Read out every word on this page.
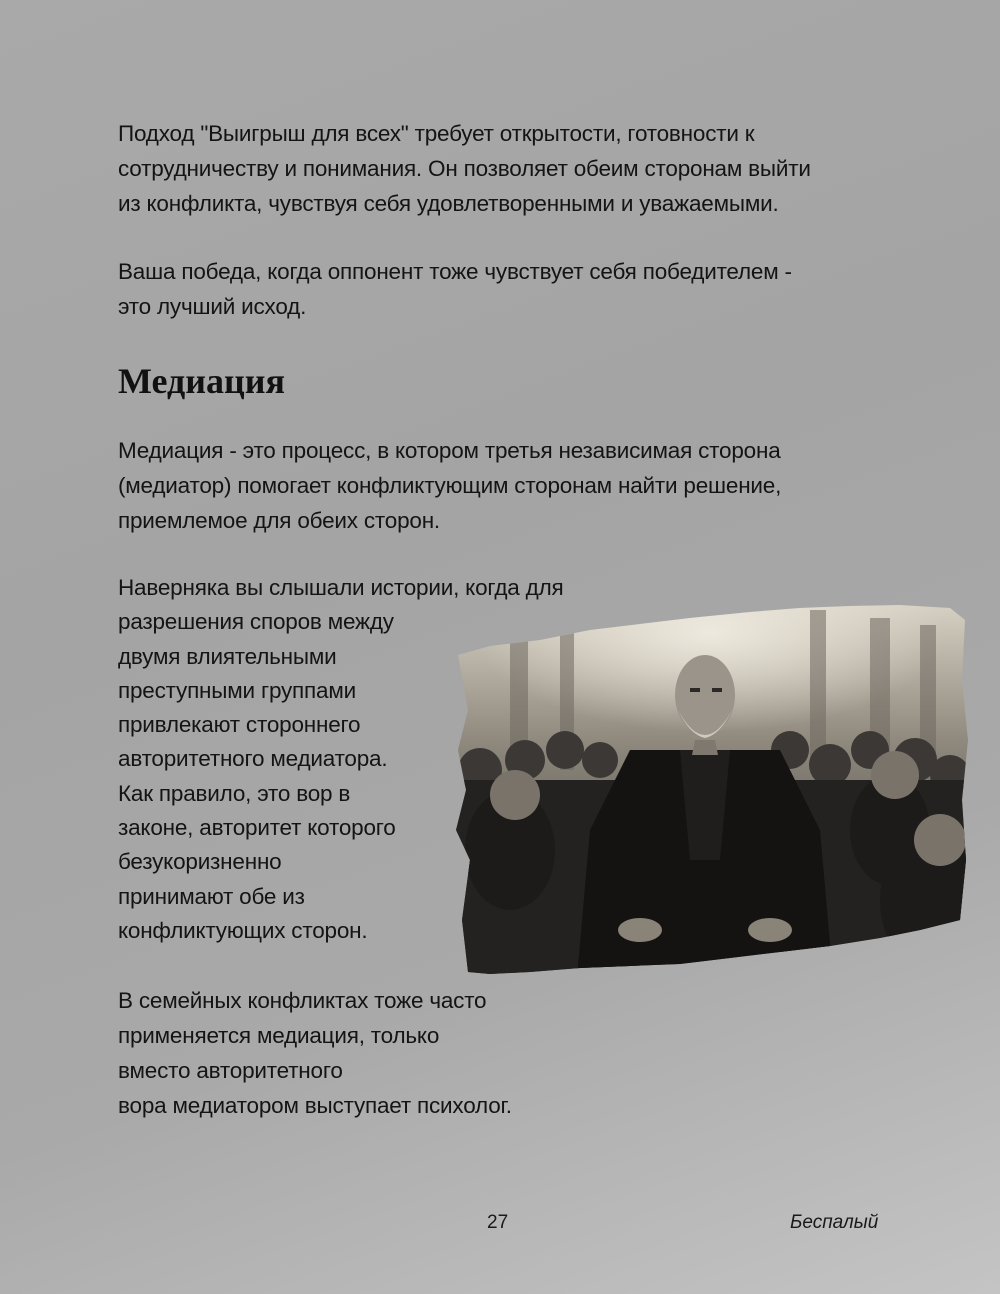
Подход "Выигрыш для всех" требует открытости, готовности к
сотрудничеству и понимания. Он позволяет обеим сторонам выйти
из конфликта, чувствуя себя удовлетворенными и уважаемыми.

Ваша победа, когда оппонент тоже чувствует себя победителем -
это лучший исход.

Медиация

Медиация - это процесс, в котором третья независимая сторона
(медиатор) помогает конфликтующим сторонам найти решение,
приемлемое для обеих сторон.

Наверняка вы слышали истории, когда для
разрешения споров между
двумя влиятельными
преступными группами
привлекают стороннего
авторитетного медиатора.
Как правило, это вор в
законе, авторитет которого
безукоризненно
принимают обе из
конфликтующих сторон.

В семейных конфликтах тоже часто
применяется медиация, только
вместо авторитетного
вора медиатором выступает психолог.

27	Беспалый
